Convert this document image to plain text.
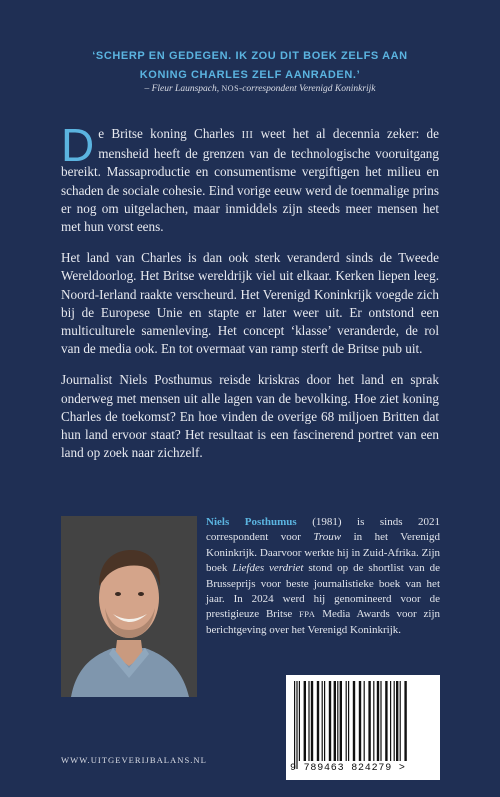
‘SCHERP EN GEDEGEN. IK ZOU DIT BOEK ZELFS AAN
KONING CHARLES ZELF AANRADEN.’
– Fleur Launspach, NOS-correspondent Verenigd Koninkrijk

De Britse koning Charles III weet het al decennia zeker: de mensheid heeft de grenzen van de technologische vooruitgang bereikt. Massaproductie en consumentisme vergiftigen het milieu en schaden de sociale cohesie. Eind vorige eeuw werd de toenmalige prins er nog om uitgelachen, maar inmiddels zijn steeds meer mensen het met hun vorst eens.

Het land van Charles is dan ook sterk veranderd sinds de Tweede Wereldoorlog. Het Britse wereldrijk viel uit elkaar. Kerken liepen leeg. Noord-Ierland raakte verscheurd. Het Verenigd Koninkrijk voegde zich bij de Europese Unie en stapte er later weer uit. Er ontstond een multiculturele samenleving. Het concept ‘klasse’ veranderde, de rol van de media ook. En tot overmaat van ramp sterft de Britse pub uit.

Journalist Niels Posthumus reisde kriskras door het land en sprak onderweg met mensen uit alle lagen van de bevolking. Hoe ziet koning Charles de toekomst? En hoe vinden de overige 68 miljoen Britten dat hun land ervoor staat? Het resultaat is een fascinerend portret van een land op zoek naar zichzelf.

Niels Posthumus (1981) is sinds 2021 correspondent voor Trouw in het Verenigd Koninkrijk. Daarvoor werkte hij in Zuid-Afrika. Zijn boek Liefdes verdriet stond op de shortlist van de Brusseprijs voor beste journalistieke boek van het jaar. In 2024 werd hij genomineerd voor de prestigieuze Britse FPA Media Awards voor zijn berichtgeving over het Verenigd Koninkrijk.
WWW.UITGEVERIJBALANS.NL
9 789463 824279 >
